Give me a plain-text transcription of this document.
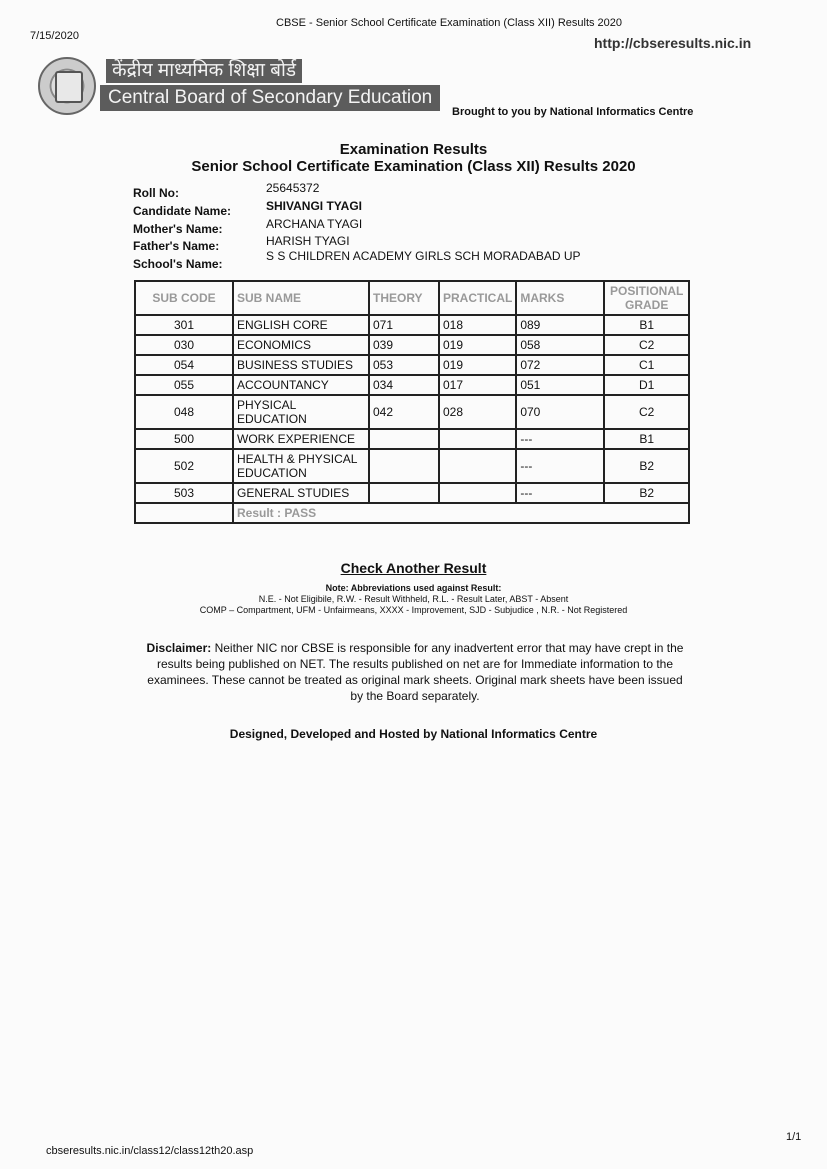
7/15/2020
CBSE - Senior School Certificate Examination (Class XII) Results 2020
http://cbseresults.nic.in
केंद्रीय माध्यमिक शिक्षा बोर्ड
Central Board of Secondary Education
Brought to you by National Informatics Centre
Examination Results
Senior School Certificate Examination (Class XII) Results 2020
Roll No:	25645372
Candidate Name:	SHIVANGI TYAGI
Mother's Name:	ARCHANA TYAGI
Father's Name:	HARISH TYAGI
School's Name:
S S CHILDREN ACADEMY GIRLS SCH MORADABAD UP
SUB CODE	SUB NAME	THEORY	PRACTICAL	MARKS	POSITIONAL GRADE
301	ENGLISH CORE	071	018	089	B1
030	ECONOMICS	039	019	058	C2
054	BUSINESS STUDIES	053	019	072	C1
055	ACCOUNTANCY	034	017	051	D1
048	PHYSICAL EDUCATION	042	028	070	C2
500	WORK EXPERIENCE			---	B1
502	HEALTH & PHYSICAL EDUCATION			---	B2
503	GENERAL STUDIES			---	B2
	Result : PASS				
Check Another Result
Note: Abbreviations used against Result:
N.E. - Not Eligibile, R.W. - Result Withheld, R.L. - Result Later, ABST - Absent
COMP – Compartment, UFM - Unfairmeans, XXXX - Improvement, SJD - Subjudice , N.R. - Not Registered
Disclaimer: Neither NIC nor CBSE is responsible for any inadvertent error that may have crept in the results being published on NET. The results published on net are for Immediate information to the examinees. These cannot be treated as original mark sheets. Original mark sheets have been issued by the Board separately.
Designed, Developed and Hosted by National Informatics Centre
cbseresults.nic.in/class12/class12th20.asp
1/1
